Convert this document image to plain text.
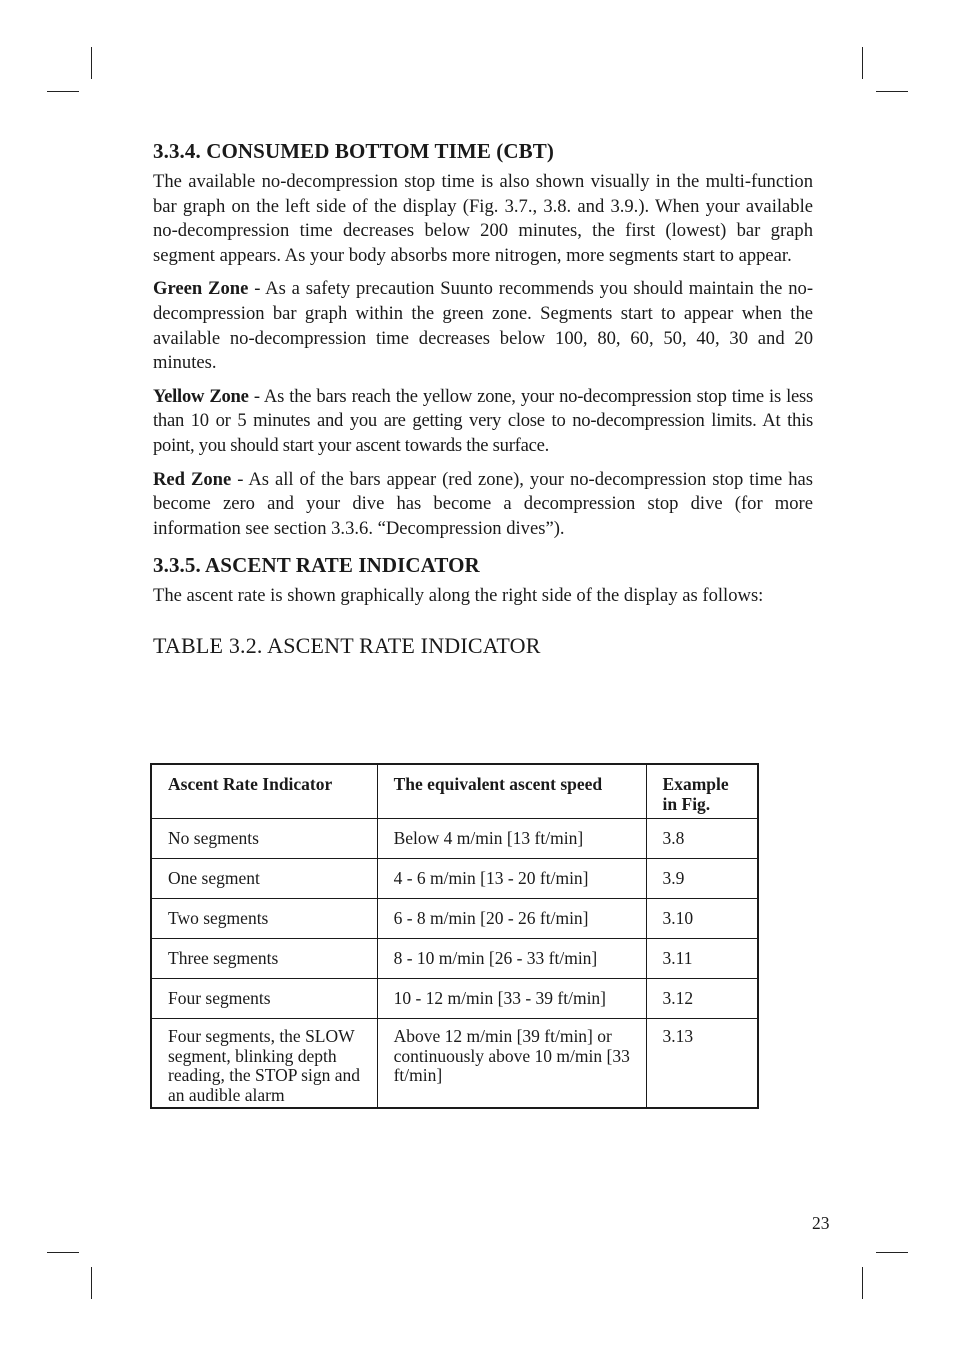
3.3.4. CONSUMED BOTTOM TIME (CBT)

The available no-decompression stop time is also shown visually in the multi-function bar graph on the left side of the display (Fig. 3.7., 3.8. and 3.9.). When your available no-decompression time decreases below 200 minutes, the first (lowest) bar graph segment appears. As your body absorbs more nitrogen, more segments start to appear.

Green Zone - As a safety precaution Suunto recommends you should maintain the no-decompression bar graph within the green zone. Segments start to appear when the available no-decompression time decreases below 100, 80, 60, 50, 40, 30 and 20 minutes.

Yellow Zone - As the bars reach the yellow zone, your no-decompression stop time is less than 10 or 5 minutes and you are getting very close to no-decompression limits. At this point, you should start your ascent towards the surface.

Red Zone - As all of the bars appear (red zone), your no-decompression stop time has become zero and your dive has become a decompression stop dive (for more information see section 3.3.6. “Decompression dives”).

3.3.5. ASCENT RATE INDICATOR

The ascent rate is shown graphically along the right side of the display as follows:

TABLE 3.2. ASCENT RATE INDICATOR
Ascent Rate Indicator	The equivalent ascent speed	Example in Fig.
No segments	Below 4 m/min [13 ft/min]	3.8
One segment	4 - 6 m/min [13 - 20 ft/min]	3.9
Two segments	6 - 8 m/min [20 - 26 ft/min]	3.10
Three segments	8 - 10 m/min [26 - 33 ft/min]	3.11
Four segments	10 - 12 m/min [33 - 39 ft/min]	3.12
Four segments, the SLOW segment, blinking depth reading, the STOP sign and an audible alarm	Above 12 m/min [39 ft/min] or continuously above 10 m/min [33 ft/min]	3.13
23
